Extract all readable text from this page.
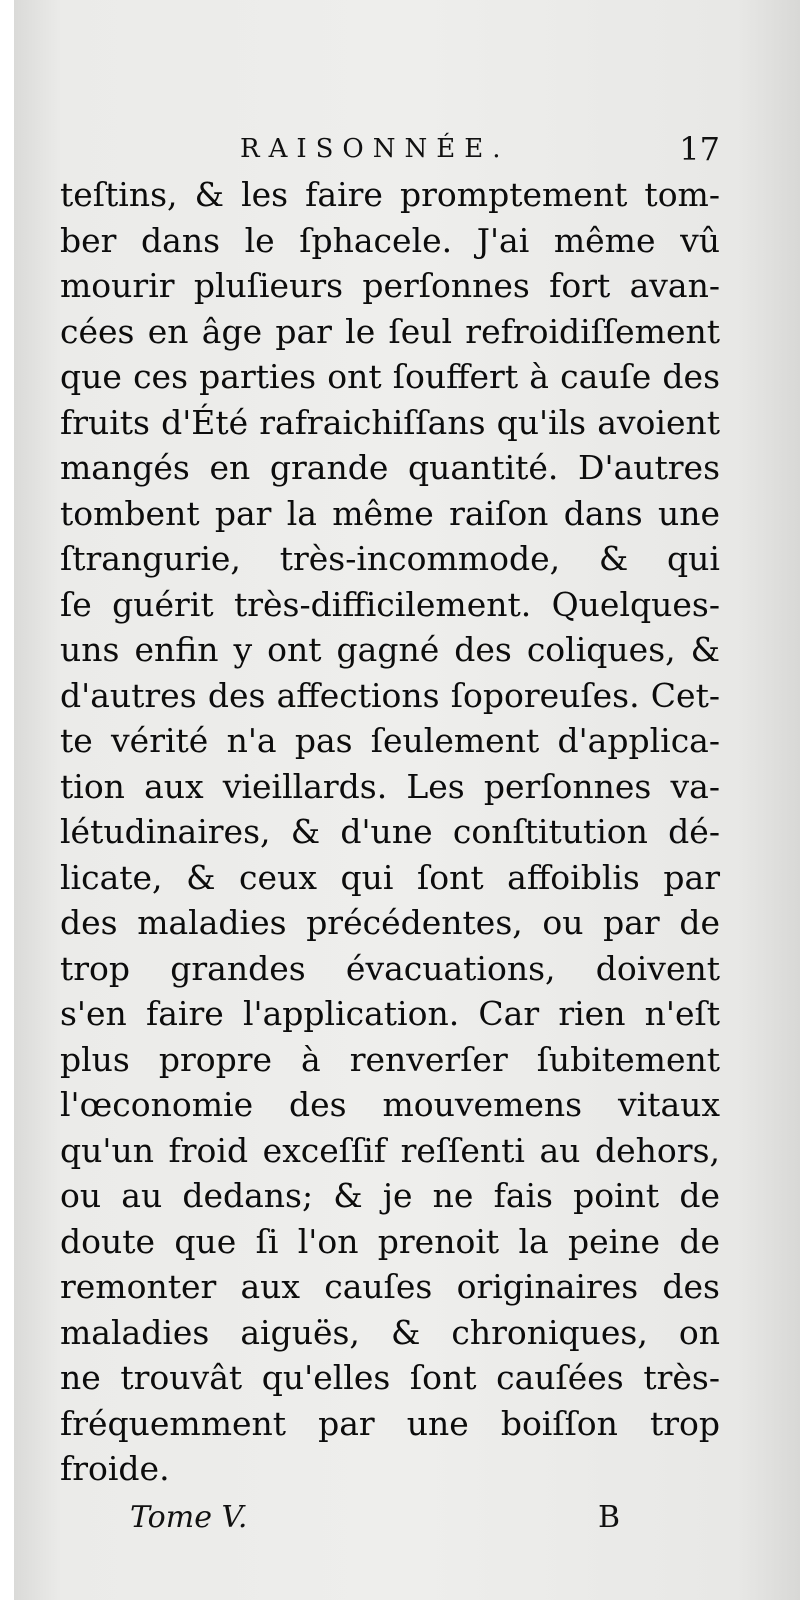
RAISONNÉE.	17
teſtins, & les faire promptement tom-
ber dans le ſphacele. J'ai même vû
mourir pluſieurs perſonnes fort avan-
cées en âge par le ſeul refroidiſſement
que ces parties ont ſouffert à cauſe des
fruits d'Été rafraichiſſans qu'ils avoient
mangés en grande quantité. D'autres
tombent par la même raiſon dans une
ſtrangurie, très-incommode, & qui
ſe guérit très-difficilement. Quelques-
uns enfin y ont gagné des coliques, &
d'autres des affections ſoporeuſes. Cet-
te vérité n'a pas ſeulement d'applica-
tion aux vieillards. Les perſonnes va-
létudinaires, & d'une conſtitution dé-
licate, & ceux qui ſont affoiblis par
des maladies précédentes, ou par de
trop grandes évacuations, doivent
s'en faire l'application. Car rien n'eſt
plus propre à renverſer ſubitement
l'œconomie des mouvemens vitaux
qu'un froid exceſſif reſſenti au dehors,
ou au dedans; & je ne fais point de
doute que ſi l'on prenoit la peine de
remonter aux cauſes originaires des
maladies aiguës, & chroniques, on
ne trouvât qu'elles ſont cauſées très-
fréquemment par une boiſſon trop
froide.
Tome V.	B
